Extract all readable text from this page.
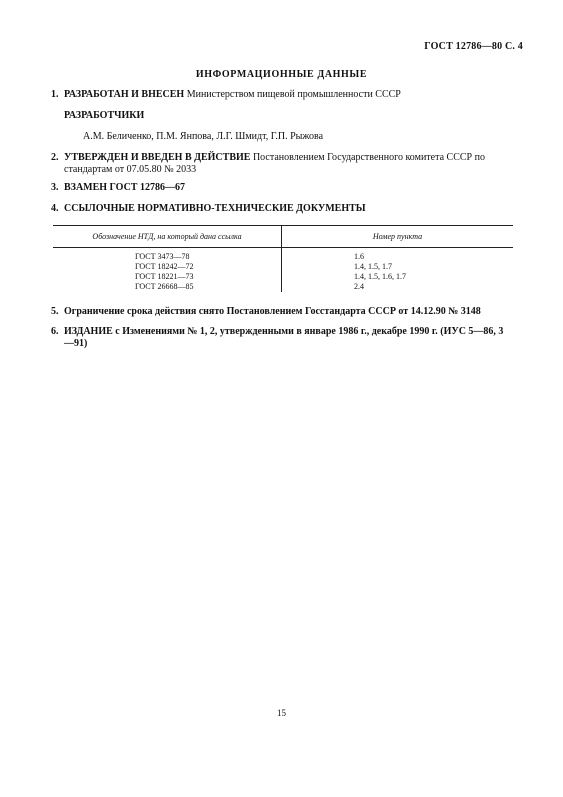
ГОСТ 12786—80 С. 4
ИНФОРМАЦИОННЫЕ ДАННЫЕ
1. РАЗРАБОТАН И ВНЕСЕН Министерством пищевой промышленности СССР
РАЗРАБОТЧИКИ
А.М. Беличенко, П.М. Янпова, Л.Г. Шмидт, Г.П. Рыжова
2. УТВЕРЖДЕН И ВВЕДЕН В ДЕЙСТВИЕ Постановлением Государственного комитета СССР по стандартам от 07.05.80 № 2033
3. ВЗАМЕН ГОСТ 12786—67
4. ССЫЛОЧНЫЕ НОРМАТИВНО-ТЕХНИЧЕСКИЕ ДОКУМЕНТЫ
Обозначение НТД, на который дана ссылка	Номер пункта

ГОСТ 3473—78	1.6
ГОСТ 18242—72	1.4, 1.5, 1.7
ГОСТ 18221—73	1.4, 1.5, 1.6, 1.7
ГОСТ 26668—85	2.4
5. Ограничение срока действия снято Постановлением Госстандарта СССР от 14.12.90 № 3148
6. ИЗДАНИЕ с Изменениями № 1, 2, утвержденными в январе 1986 г., декабре 1990 г. (ИУС 5—86, 3—91)
15
